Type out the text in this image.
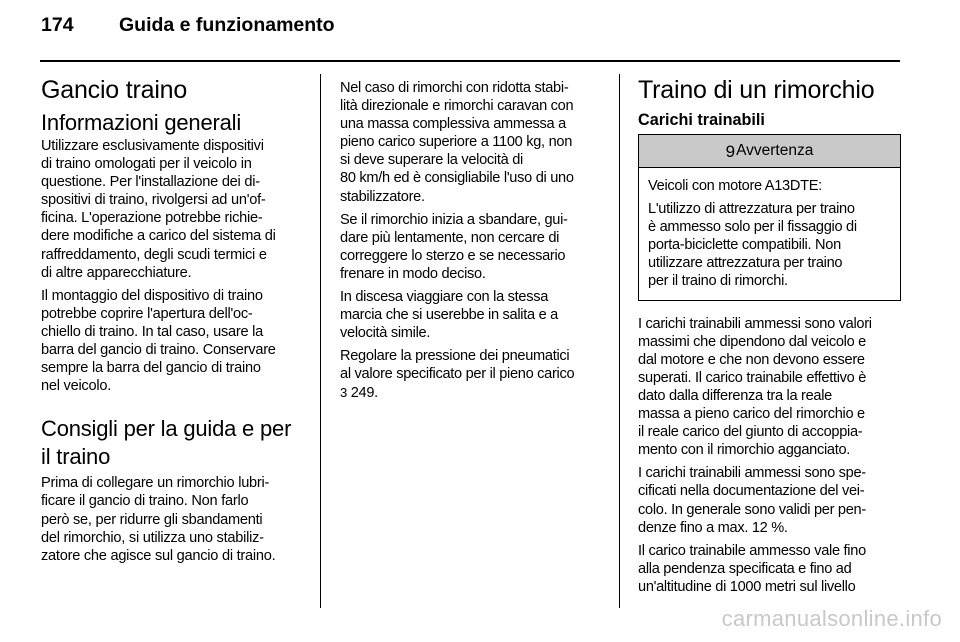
174 Guida e funzionamento
Gancio traino
Informazioni generali

Utilizzare esclusivamente dispositivi
di traino omologati per il veicolo in
questione. Per l'installazione dei di-
spositivi di traino, rivolgersi ad un'of-
ficina. L'operazione potrebbe richie-
dere modifiche a carico del sistema di
raffreddamento, degli scudi termici e
di altre apparecchiature.

Il montaggio del dispositivo di traino
potrebbe coprire l'apertura dell'oc-
chiello di traino. In tal caso, usare la
barra del gancio di traino. Conservare
sempre la barra del gancio di traino
nel veicolo.

Consigli per la guida e per
il traino

Prima di collegare un rimorchio lubri-
ficare il gancio di traino. Non farlo
però se, per ridurre gli sbandamenti
del rimorchio, si utilizza uno stabiliz-
zatore che agisce sul gancio di traino.

Nel caso di rimorchi con ridotta stabi-
lità direzionale e rimorchi caravan con
una massa complessiva ammessa a
pieno carico superiore a 1100 kg, non
si deve superare la velocità di
80 km/h ed è consigliabile l'uso di uno
stabilizzatore.

Se il rimorchio inizia a sbandare, gui-
dare più lentamente, non cercare di
correggere lo sterzo e se necessario
frenare in modo deciso.

In discesa viaggiare con la stessa
marcia che si userebbe in salita e a
velocità simile.

Regolare la pressione dei pneumatici
al valore specificato per il pieno carico
3 249.

Traino di un rimorchio
Carichi trainabili
9 Avvertenza

Veicoli con motore A13DTE:

L'utilizzo di attrezzatura per traino
è ammesso solo per il fissaggio di
porta-biciclette compatibili. Non
utilizzare attrezzatura per traino
per il traino di rimorchi.

I carichi trainabili ammessi sono valori
massimi che dipendono dal veicolo e
dal motore e che non devono essere
superati. Il carico trainabile effettivo è
dato dalla differenza tra la reale
massa a pieno carico del rimorchio e
il reale carico del giunto di accoppia-
mento con il rimorchio agganciato.

I carichi trainabili ammessi sono spe-
cificati nella documentazione del vei-
colo. In generale sono validi per pen-
denze fino a max. 12 %.

Il carico trainabile ammesso vale fino
alla pendenza specificata e fino ad
un'altitudine di 1000 metri sul livello

carmanualsonline.info
